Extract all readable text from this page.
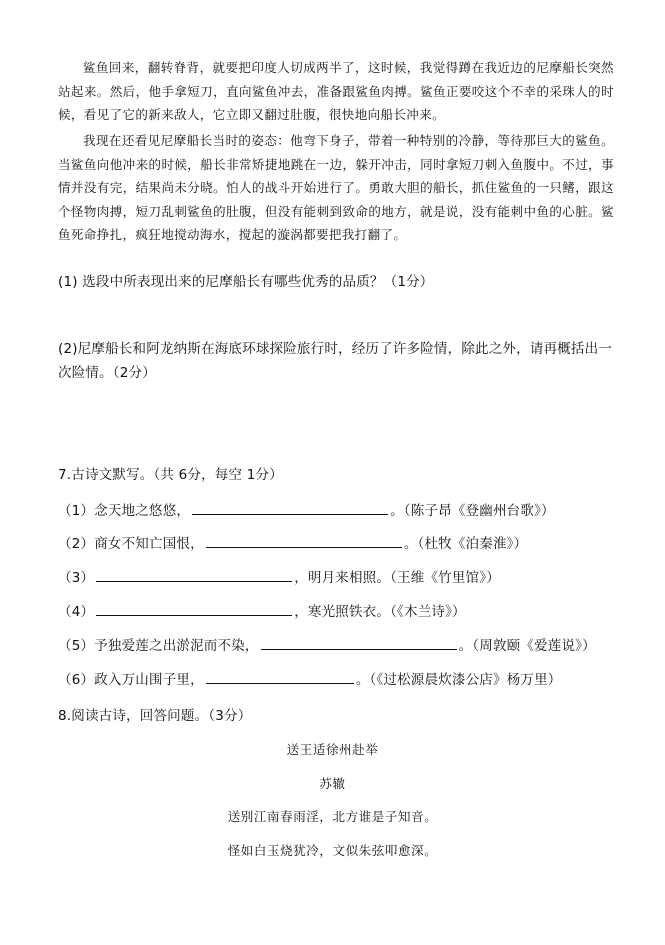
鲨鱼回来，翻转脊背，就要把印度人切成两半了，这时候，我觉得蹲在我近边的尼摩船长突然站起来。然后，他手拿短刀，直向鲨鱼冲去，准备跟鲨鱼肉搏。鲨鱼正要咬这个不幸的采珠人的时候，看见了它的新来敌人，它立即又翻过肚腹，很快地向船长冲来。

我现在还看见尼摩船长当时的姿态：他弯下身子，带着一种特别的冷静，等待那巨大的鲨鱼。当鲨鱼向他冲来的时候，船长非常矫捷地跳在一边，躲开冲击，同时拿短刀刺入鱼腹中。不过，事情并没有完，结果尚未分晓。怕人的战斗开始进行了。勇敢大胆的船长，抓住鲨鱼的一只鳍，跟这个怪物肉搏，短刀乱刺鲨鱼的肚腹，但没有能刺到致命的地方，就是说，没有能刺中鱼的心脏。鲨鱼死命挣扎，疯狂地搅动海水，搅起的漩涡都要把我打翻了。

(1) 选段中所表现出来的尼摩船长有哪些优秀的品质？（1分）

(2)尼摩船长和阿龙纳斯在海底环球探险旅行时，经历了许多险情，除此之外，请再概括出一次险情。（2分）

7.古诗文默写。（共 6分，每空 1分）
（1）念天地之悠悠，	。（陈子昂《登幽州台歌》）
（2）商女不知亡国恨，	。（杜牧《泊秦淮》）
（3）	，明月来相照。（王维《竹里馆》）
（4）	，寒光照铁衣。（《木兰诗》）
（5）予独爱莲之出淤泥而不染，	。（周敦颐《爱莲说》）
（6）政入万山围子里，	。（《过松源晨炊漆公店》杨万里）
8.阅读古诗，回答问题。（3分）
送王适徐州赴举
苏辙
送别江南春雨淫，北方谁是子知音。
怪如白玉烧犹冷，文似朱弦叩愈深。
